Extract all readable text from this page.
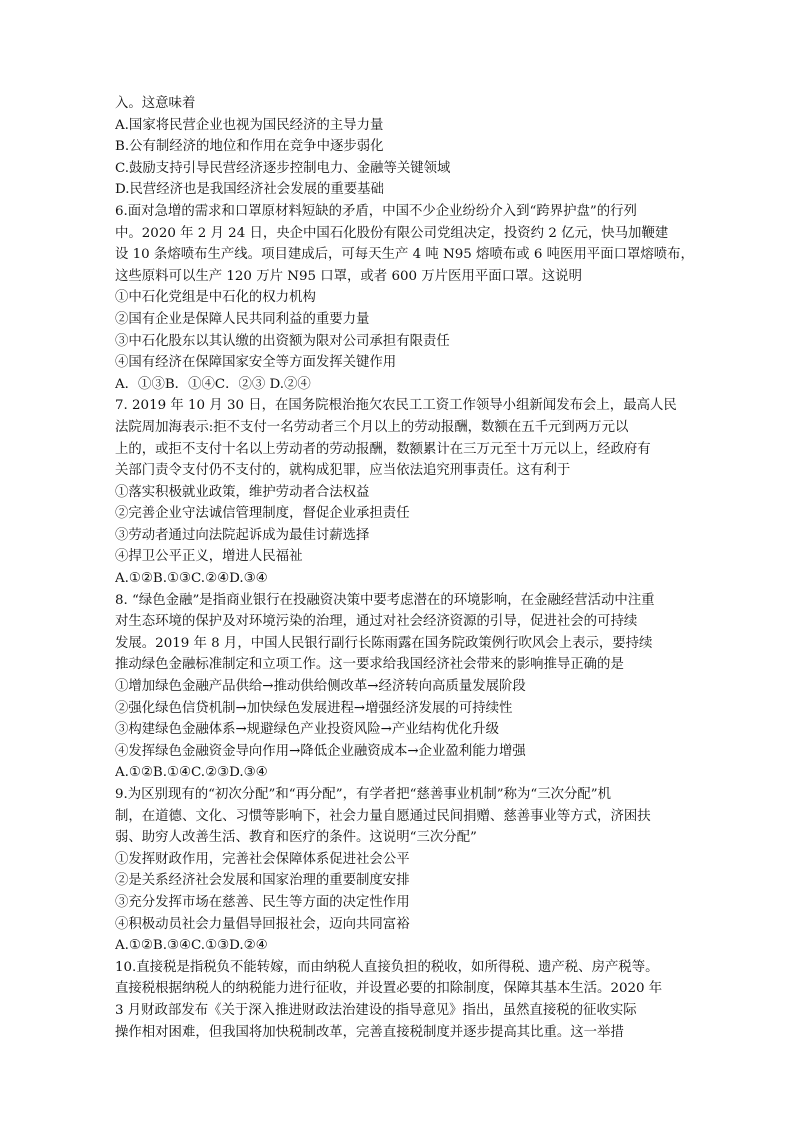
入。这意味着
A.国家将民营企业也视为国民经济的主导力量
B.公有制经济的地位和作用在竞争中逐步弱化
C.鼓励支持引导民营经济逐步控制电力、金融等关键领域
D.民营经济也是我国经济社会发展的重要基础
6.面对急增的需求和口罩原材料短缺的矛盾，中国不少企业纷纷介入到“跨界护盘”的行列
中。2020 年 2 月 24 日，央企中国石化股份有限公司党组决定，投资约 2 亿元，快马加鞭建
设 10 条熔喷布生产线。项目建成后，可每天生产 4 吨 N95 熔喷布或 6 吨医用平面口罩熔喷布，
这些原料可以生产 120 万片 N95 口罩，或者 600 万片医用平面口罩。这说明
①中石化党组是中石化的权力机构
②国有企业是保障人民共同利益的重要力量
③中石化股东以其认缴的出资额为限对公司承担有限责任
④国有经济在保障国家安全等方面发挥关键作用
A．①③B．①④C．②③ D.②④
7. 2019 年 10 月 30 日，在国务院根治拖欠农民工工资工作领导小组新闻发布会上，最高人民
法院周加海表示:拒不支付一名劳动者三个月以上的劳动报酬，数额在五千元到两万元以
上的，或拒不支付十名以上劳动者的劳动报酬，数额累计在三万元至十万元以上，经政府有
关部门责令支付仍不支付的，就构成犯罪，应当依法追究刑事责任。这有利于
①落实积极就业政策，维护劳动者合法权益
②完善企业守法诚信管理制度，督促企业承担责任
③劳动者通过向法院起诉成为最佳讨薪选择
④捍卫公平正义，增进人民福祉
A.①②B.①③C.②④D.③④
8. “绿色金融”是指商业银行在投融资决策中要考虑潜在的环境影响，在金融经营活动中注重
对生态环境的保护及对环境污染的治理，通过对社会经济资源的引导，促进社会的可持续
发展。2019 年 8 月，中国人民银行副行长陈雨露在国务院政策例行吹风会上表示，要持续
推动绿色金融标准制定和立项工作。这一要求给我国经济社会带来的影响推导正确的是
①增加绿色金融产品供给→推动供给侧改革→经济转向高质量发展阶段
②强化绿色信贷机制→加快绿色发展进程→增强经济发展的可持续性
③构建绿色金融体系→规避绿色产业投资风险→产业结构优化升级
④发挥绿色金融资金导向作用→降低企业融资成本→企业盈利能力增强
A.①②B.①④C.②③D.③④
9.为区别现有的“初次分配”和“再分配”，有学者把“慈善事业机制”称为“三次分配”机
制，在道德、文化、习惯等影响下，社会力量自愿通过民间捐赠、慈善事业等方式，济困扶
弱、助穷人改善生活、教育和医疗的条件。这说明“三次分配”
①发挥财政作用，完善社会保障体系促进社会公平
②是关系经济社会发展和国家治理的重要制度安排
③充分发挥市场在慈善、民生等方面的决定性作用
④积极动员社会力量倡导回报社会，迈向共同富裕
A.①②B.③④C.①③D.②④
10.直接税是指税负不能转嫁，而由纳税人直接负担的税收，如所得税、遗产税、房产税等。
直接税根据纳税人的纳税能力进行征收，并设置必要的扣除制度，保障其基本生活。2020 年
3 月财政部发布《关于深入推进财政法治建设的指导意见》指出，虽然直接税的征收实际
操作相对困难，但我国将加快税制改革，完善直接税制度并逐步提高其比重。这一举措
